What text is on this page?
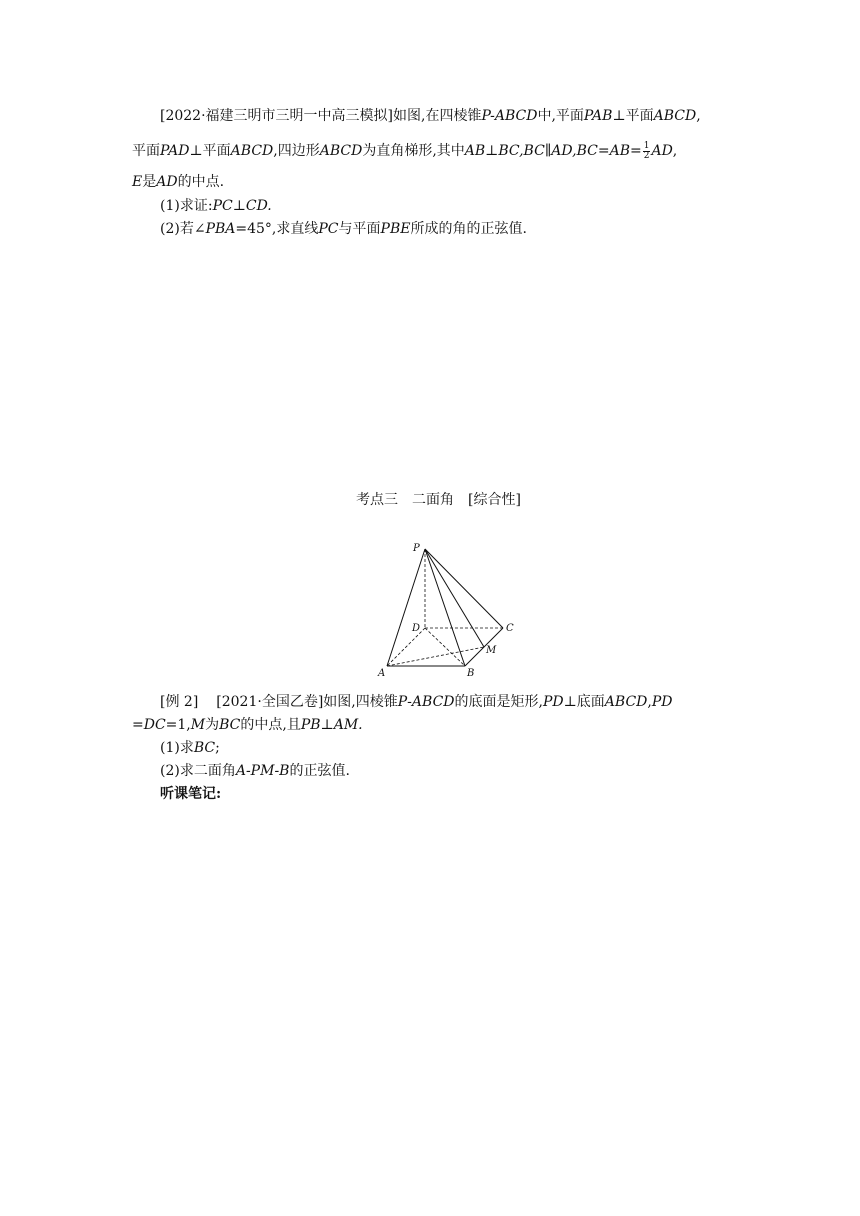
[2022·福建三明市三明一中高三模拟]如图,在四棱锥P-ABCD中,平面PAB⊥平面ABCD,
平面PAD⊥平面ABCD,四边形ABCD为直角梯形,其中AB⊥BC,BC∥AD,BC=AB= $\frac{1}{2}$ AD,
E是AD的中点.
(1)求证:PC⊥CD.
(2)若∠PBA=45°,求直线PC与平面PBE所成的角的正弦值.
考点三　二面角　[综合性]
P
D	C
M
A	B
[例 2] [2021·全国乙卷]如图,四棱锥P-ABCD的底面是矩形,PD⊥底面ABCD,PD
=DC=1,M为BC的中点,且PB⊥AM.
(1)求BC;
(2)求二面角A-PM-B的正弦值.
听课笔记:
